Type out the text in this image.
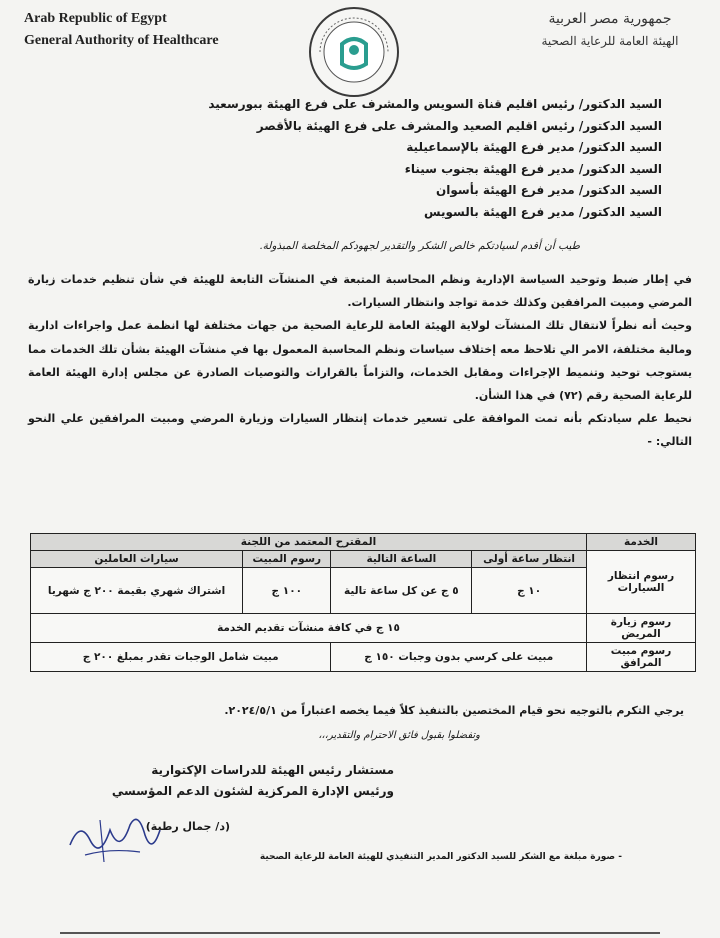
Arab Republic of Egypt
General Authority of Healthcare
جمهورية مصر العربية
الهيئة العامة للرعاية الصحية
السيد الدكتور/ رئيس اقليم قناة السويس والمشرف على فرع الهيئة ببورسعيد
السيد الدكتور/ رئيس اقليم الصعيد والمشرف على فرع الهيئة بالأقصر
السيد الدكتور/ مدير فرع الهيئة بالإسماعيلية
السيد الدكتور/ مدير فرع الهيئة بجنوب سيناء
السيد الدكتور/ مدير فرع الهيئة بأسوان
السيد الدكتور/ مدير فرع الهيئة بالسويس
طيب أن أقدم لسيادتكم خالص الشكر والتقدير لجهودكم المخلصة المبذولة.

في إطار ضبط وتوحيد السياسة الإدارية ونظم المحاسبة المتبعة في المنشآت التابعة للهيئة في شأن تنظيم خدمات زيارة المرضي ومبيت المرافقين وكذلك خدمة تواجد وانتظار السيارات.

وحيث أنه نظراً لانتقال تلك المنشآت لولاية الهيئة العامة للرعاية الصحية من جهات مختلفة لها انظمة عمل واجراءات ادارية ومالية مختلفة، الامر الي تلاحظ معه إختلاف سياسات ونظم المحاسبة المعمول بها في منشآت الهيئة بشأن تلك الخدمات مما يستوجب توحيد وتنميط الإجراءات ومقابل الخدمات، والتزاماً بالقرارات والتوصيات الصادرة عن مجلس إدارة الهيئة العامة للرعاية الصحية رقم (٧٢) في هذا الشأن.

نحيط علم سيادتكم بأنه تمت الموافقة على تسعير خدمات إنتظار السيارات وزيارة المرضي ومبيت المرافقين علي النحو التالي: -

الخدمة	المقترح المعتمد من اللجنة			
رسوم انتظار السيارات	انتظار ساعة أولى	الساعة التالية	رسوم المبيت	سيارات العاملين
	١٠ ج	٥ ج عن كل ساعة تالية	١٠٠ ج	اشتراك شهري بقيمة ٢٠٠ ج شهريا
رسوم زيارة المريض	١٥ ج في كافة منشآت تقديم الخدمة			
رسوم مبيت المرافق	مبيت على كرسي بدون وجبات ١٥٠ ج		مبيت شامل الوجبات تقدر بمبلغ ٢٠٠ ج	
يرجي التكرم بالتوجيه نحو قيام المختصين بالتنفيذ كلاً فيما يخصه اعتباراً من ٢٠٢٤/٥/١.
وتفضلوا بقبول فائق الاحترام والتقدير،،،
مستشار رئيس الهيئة للدراسات الإكتوارية
ورئيس الإدارة المركزية لشئون الدعم المؤسسي
(د/ جمال رطبة)
- صورة مبلغة مع الشكر للسيد الدكتور المدير التنفيذي للهيئة العامة للرعاية الصحية
